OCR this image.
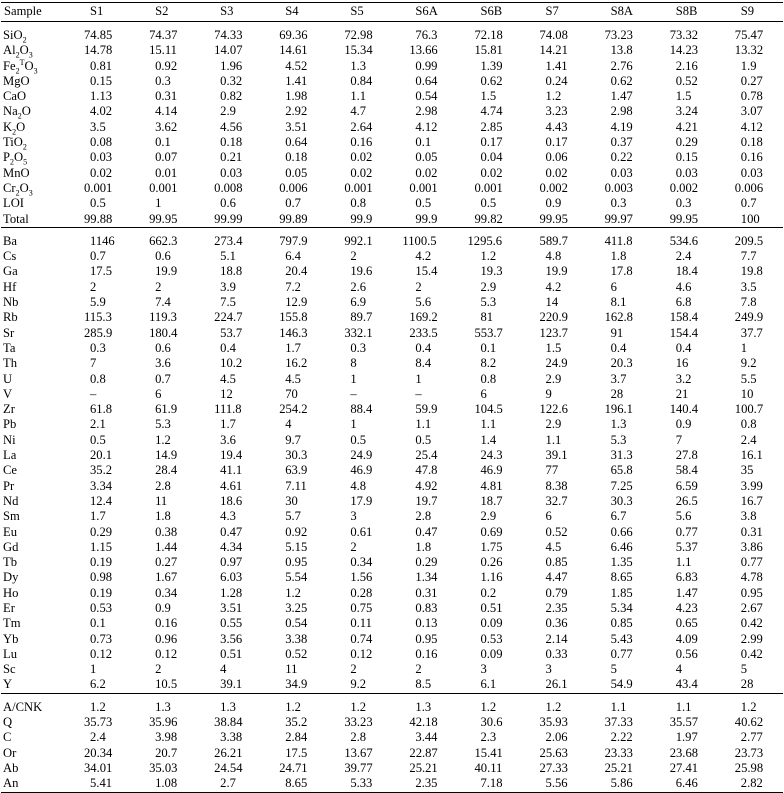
Sample	S1	S2	S3	S4	S5	S6A	S6B	S7	S8A	S8B	S9
SiO$_2$	74.85	74.37	74.33	69.36	72.98	76.3	72.18	74.08	73.23	73.32	75.47
$Al_2O_3$	14.78	15.11	14.07	14.61	15.34	13.66	15.81	14.21	13.8	14.23	13.32
$Fe_2^TO_3$	0.81	0.92	1.96	4.52	1.3	0.99	1.39	1.41	2.76	2.16	1.9
MgO	0.15	0.3	0.32	1.41	0.84	0.64	0.62	0.24	0.62	0.52	0.27
CaO	1.13	0.31	0.82	1.98	1.1	0.54	1.5	1.2	1.47	1.5	0.78
$Na_2O$	4.02	4.14	2.9	2.92	4.7	2.98	4.74	3.23	2.98	3.24	3.07
$K_2O$	3.5	3.62	4.56	3.51	2.64	4.12	2.85	4.43	4.19	4.21	4.12
TiO$_2$	0.08	0.1	0.18	0.64	0.16	0.1	0.17	0.17	0.37	0.29	0.18
$P_2O_5$	0.03	0.07	0.21	0.18	0.02	0.05	0.04	0.06	0.22	0.15	0.16
MnO	0.02	0.01	0.03	0.05	0.02	0.02	0.02	0.02	0.03	0.03	0.03
$Cr_2O_3$	0.001	0.001	0.008	0.006	0.001	0.001	0.001	0.002	0.003	0.002	0.006
LOI	0.5	1	0.6	0.7	0.8	0.5	0.5	0.9	0.3	0.3	0.7
Total	99.88	99.95	99.99	99.89	99.9	99.9	99.82	99.95	99.97	99.95	100
Ba	1146	662.3	273.4	797.9	992.1	1100.5	1295.6	589.7	411.8	534.6	209.5
Cs	0.7	0.6	5.1	6.4	2	4.2	1.2	4.8	1.8	2.4	7.7
Ga	17.5	19.9	18.8	20.4	19.6	15.4	19.3	19.9	17.8	18.4	19.8
Hf	2	2	3.9	7.2	2.6	2	2.9	4.2	6	4.6	3.5
Nb	5.9	7.4	7.5	12.9	6.9	5.6	5.3	14	8.1	6.8	7.8
Rb	115.3	119.3	224.7	155.8	89.7	169.2	81	220.9	162.8	158.4	249.9
Sr	285.9	180.4	53.7	146.3	332.1	233.5	553.7	123.7	91	154.4	37.7
Ta	0.3	0.6	0.4	1.7	0.3	0.4	0.1	1.5	0.4	0.4	1
Th	7	3.6	10.2	16.2	8	8.4	8.2	24.9	20.3	16	9.2
U	0.8	0.7	4.5	4.5	1	1	0.8	2.9	3.7	3.2	5.5
V	–	6	12	70	–	–	6	9	28	21	10
Zr	61.8	61.9	111.8	254.2	88.4	59.9	104.5	122.6	196.1	140.4	100.7
Pb	2.1	5.3	1.7	4	1	1.1	1.1	2.9	1.3	0.9	0.8
Ni	0.5	1.2	3.6	9.7	0.5	0.5	1.4	1.1	5.3	7	2.4
La	20.1	14.9	19.4	30.3	24.9	25.4	24.3	39.1	31.3	27.8	16.1
Ce	35.2	28.4	41.1	63.9	46.9	47.8	46.9	77	65.8	58.4	35
Pr	3.34	2.8	4.61	7.11	4.8	4.92	4.81	8.38	7.25	6.59	3.99
Nd	12.4	11	18.6	30	17.9	19.7	18.7	32.7	30.3	26.5	16.7
Sm	1.7	1.8	4.3	5.7	3	2.8	2.9	6	6.7	5.6	3.8
Eu	0.29	0.38	0.47	0.92	0.61	0.47	0.69	0.52	0.66	0.77	0.31
Gd	1.15	1.44	4.34	5.15	2	1.8	1.75	4.5	6.46	5.37	3.86
Tb	0.19	0.27	0.97	0.95	0.34	0.29	0.26	0.85	1.35	1.1	0.77
Dy	0.98	1.67	6.03	5.54	1.56	1.34	1.16	4.47	8.65	6.83	4.78
Ho	0.19	0.34	1.28	1.2	0.28	0.31	0.2	0.79	1.85	1.47	0.95
Er	0.53	0.9	3.51	3.25	0.75	0.83	0.51	2.35	5.34	4.23	2.67
Tm	0.1	0.16	0.55	0.54	0.11	0.13	0.09	0.36	0.85	0.65	0.42
Yb	0.73	0.96	3.56	3.38	0.74	0.95	0.53	2.14	5.43	4.09	2.99
Lu	0.12	0.12	0.51	0.52	0.12	0.16	0.09	0.33	0.77	0.56	0.42
Sc	1	2	4	11	2	2	3	3	5	4	5
Y	6.2	10.5	39.1	34.9	9.2	8.5	6.1	26.1	54.9	43.4	28
A/CNK	1.2	1.3	1.3	1.2	1.2	1.3	1.2	1.2	1.1	1.1	1.2
Q	35.73	35.96	38.84	35.2	33.23	42.18	30.6	35.93	37.33	35.57	40.62
C	2.4	3.98	3.38	2.84	2.8	3.44	2.3	2.06	2.22	1.97	2.77
Or	20.34	20.7	26.21	17.5	13.67	22.87	15.41	25.63	23.33	23.68	23.73
Ab	34.01	35.03	24.54	24.71	39.77	25.21	40.11	27.33	25.21	27.41	25.98
An	5.41	1.08	2.7	8.65	5.33	2.35	7.18	5.56	5.86	6.46	2.82
